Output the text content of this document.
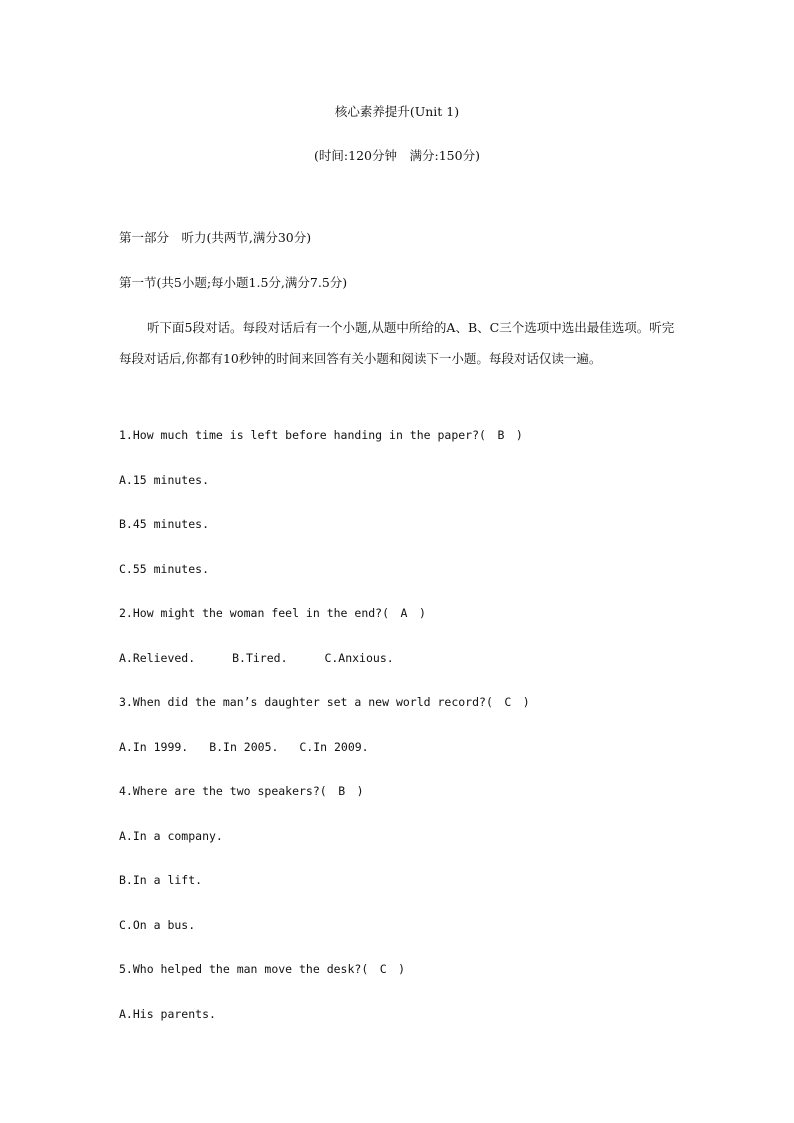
核心素养提升(Unit 1)
(时间:120分钟　满分:150分)
第一部分　听力(共两节,满分30分)
第一节(共5小题;每小题1.5分,满分7.5分)
听下面5段对话。每段对话后有一个小题,从题中所给的A、B、C三个选项中选出最佳选项。听完每段对话后,你都有10秒钟的时间来回答有关小题和阅读下一小题。每段对话仅读一遍。
1.How much time is left before handing in the paper?(　B　)
A.15 minutes.
B.45 minutes.
C.55 minutes.
2.How might the woman feel in the end?(　A　)
A.Relieved.	B.Tired.	C.Anxious.
3.When did the man’s daughter set a new world record?(　C　)
A.In 1999. B.In 2005. C.In 2009.
4.Where are the two speakers?(　B　)
A.In a company.
B.In a lift.
C.On a bus.
5.Who helped the man move the desk?(　C　)
A.His parents.
